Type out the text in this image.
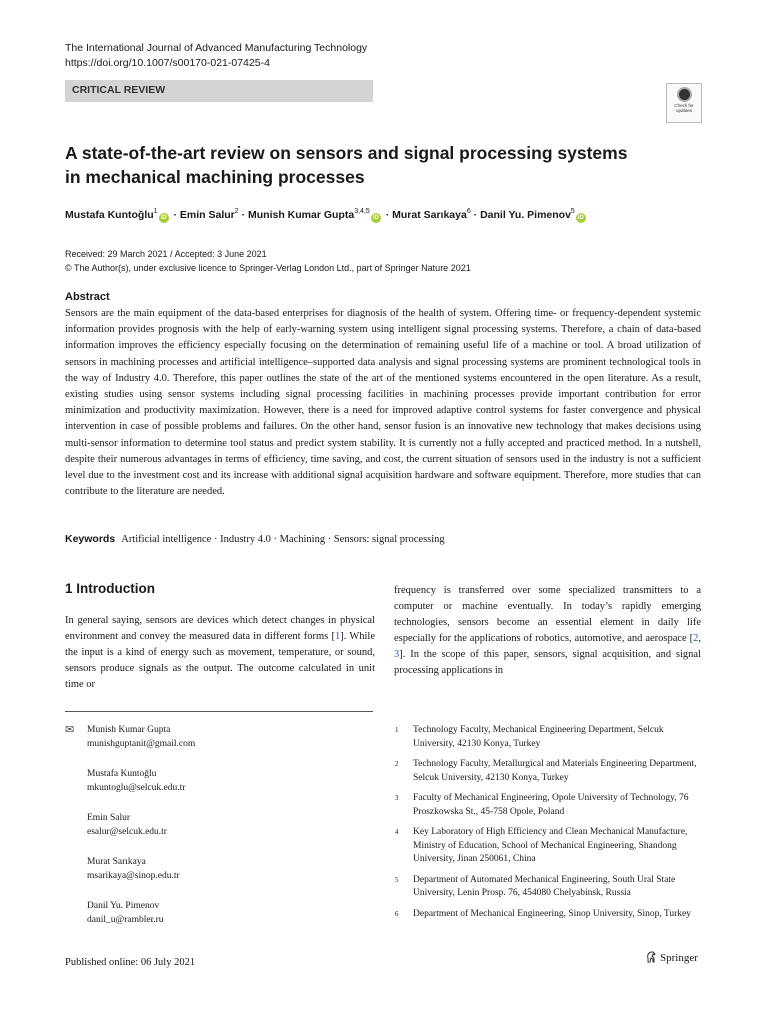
The International Journal of Advanced Manufacturing Technology
https://doi.org/10.1007/s00170-021-07425-4
CRITICAL REVIEW
Check for updates
A state-of-the-art review on sensors and signal processing systems
in mechanical machining processes
Mustafa Kuntoğlu$^1$iD · Emin Salur$^2$ · Munish Kumar Gupta$^{3,4,5}$iD · Murat Sarıkaya$^6$ · Danil Yu. Pimenov$^5$iD
Received: 29 March 2021 / Accepted: 3 June 2021
© The Author(s), under exclusive licence to Springer-Verlag London Ltd., part of Springer Nature 2021
Abstract
Sensors are the main equipment of the data-based enterprises for diagnosis of the health of system. Offering time- or frequency-dependent systemic information provides prognosis with the help of early-warning system using intelligent signal processing systems. Therefore, a chain of data-based information improves the efficiency especially focusing on the determination of remaining useful life of a machine or tool. A broad utilization of sensors in machining processes and artificial intelligence–supported data analysis and signal processing systems are prominent technological tools in the way of Industry 4.0. Therefore, this paper outlines the state of the art of the mentioned systems encountered in the open literature. As a result, existing studies using sensor systems including signal processing facilities in machining processes provide important contribution for error minimization and productivity maximization. However, there is a need for improved adaptive control systems for faster convergence and physical intervention in case of possible problems and failures. On the other hand, sensor fusion is an innovative new technology that makes decisions using multi-sensor information to determine tool status and predict system stability. It is currently not a fully accepted and practiced method. In a nutshell, despite their numerous advantages in terms of efficiency, time saving, and cost, the current situation of sensors used in the industry is not a sufficient level due to the investment cost and its increase with additional signal acquisition hardware and software equipment. Therefore, more studies that can contribute to the literature are needed.
Keywords Artificial intelligence · Industry 4.0 · Machining · Sensors: signal processing
1 Introduction
In general saying, sensors are devices which detect changes in physical environment and convey the measured data in different forms [1]. While the input is a kind of energy such as movement, temperature, or sound, sensors produce signals as the output. The outcome calculated in unit time or
frequency is transferred over some specialized transmitters to a computer or machine eventually. In today’s rapidly emerging technologies, sensors become an essential element in daily life especially for the applications of robotics, automotive, and aerospace [2, 3]. In the scope of this paper, sensors, signal acquisition, and signal processing applications in
✉ Munish Kumar Gupta
munishguptanit@gmail.com
Mustafa Kuntoğlu
mkuntoglu@selcuk.edu.tr
Emin Salur
esalur@selcuk.edu.tr
Murat Sarıkaya
msarikaya@sinop.edu.tr
Danil Yu. Pimenov
danil_u@rambler.ru
1 Technology Faculty, Mechanical Engineering Department, Selcuk University, 42130 Konya, Turkey
2 Technology Faculty, Metallurgical and Materials Engineering Department, Selcuk University, 42130 Konya, Turkey
3 Faculty of Mechanical Engineering, Opole University of Technology, 76 Proszkowska St., 45-758 Opole, Poland
4 Key Laboratory of High Efficiency and Clean Mechanical Manufacture, Ministry of Education, School of Mechanical Engineering, Shandong University, Jinan 250061, China
5 Department of Automated Mechanical Engineering, South Ural State University, Lenin Prosp. 76, 454080 Chelyabinsk, Russia
6 Department of Mechanical Engineering, Sinop University, Sinop, Turkey
Published online: 06 July 2021	Springer
